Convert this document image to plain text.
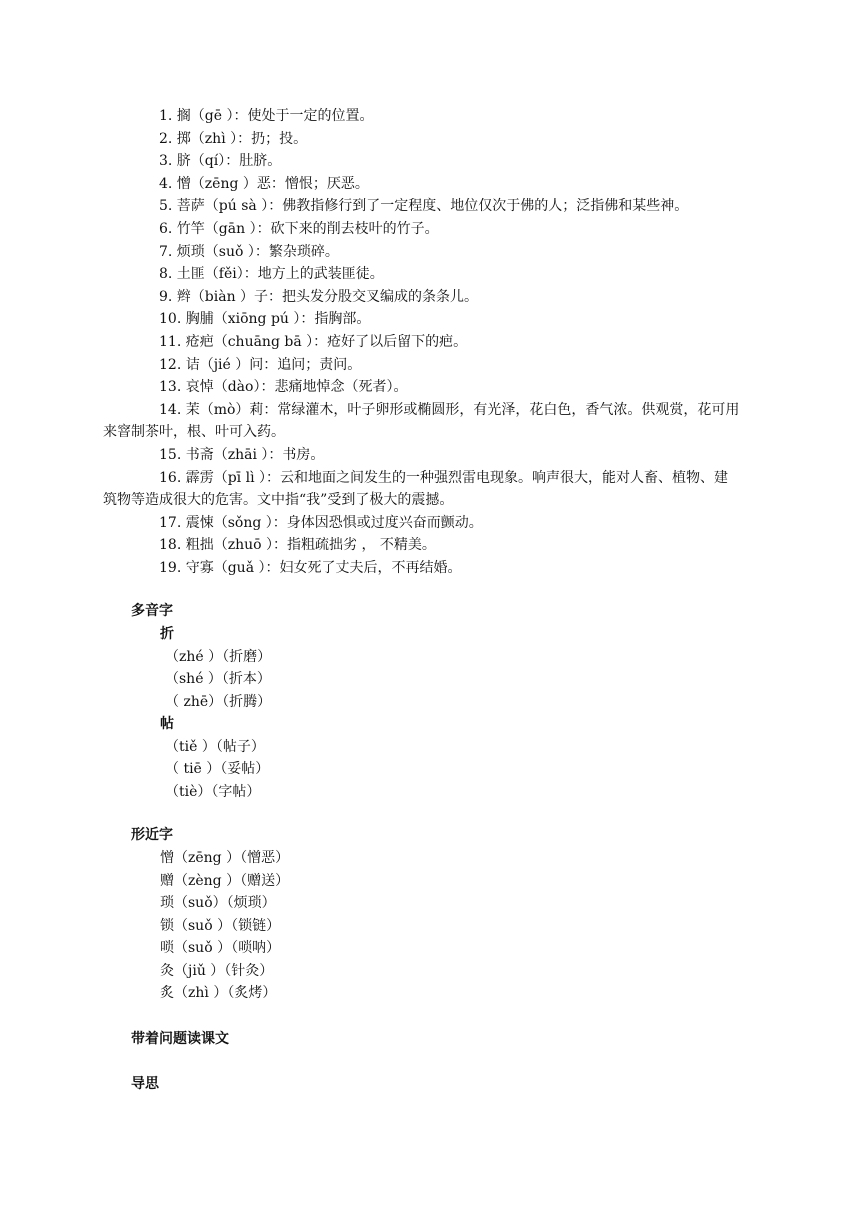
1. 搁（gē ）：使处于一定的位置。
2. 掷（zhì ）：扔；投。
3. 脐（qí）：肚脐。
4. 憎（zēng ）恶：憎恨；厌恶。
5. 菩萨（pú sà ）：佛教指修行到了一定程度、地位仅次于佛的人；泛指佛和某些神。
6. 竹竿（gān ）：砍下来的削去枝叶的竹子。
7. 烦琐（suǒ ）：繁杂琐碎。
8. 土匪（fěi）：地方上的武装匪徒。
9. 辫（biàn ）子：把头发分股交叉编成的条条儿。
10. 胸脯（xiōng pú ）：指胸部。
11. 疮疤（chuāng bā ）：疮好了以后留下的疤。
12. 诘（jié ）问：追问；责问。
13. 哀悼（dào）：悲痛地悼念（死者）。
14. 茉（mò）莉：常绿灌木，叶子卵形或椭圆形，有光泽，花白色，香气浓。供观赏，花可用来窨制茶叶，根、叶可入药。
15. 书斋（zhāi ）：书房。
16. 霹雳（pī lì ）：云和地面之间发生的一种强烈雷电现象。响声很大，能对人畜、植物、建筑物等造成很大的危害。文中指“我”受到了极大的震撼。
17. 震悚（sǒng ）：身体因恐惧或过度兴奋而颤动。
18. 粗拙（zhuō ）：指粗疏拙劣 ， 不精美。
19. 守寡（guǎ ）：妇女死了丈夫后，不再结婚。
多音字
折
（zhé ）（折磨）
（shé ）（折本）
（ zhē）（折腾）
帖
（tiě ）（帖子）
（ tiē ）（妥帖）
（tiè）（字帖）
形近字
憎（zēng ）（憎恶）
赠（zèng ）（赠送）
琐（suǒ）（烦琐）
锁（suǒ ）（锁链）
唢（suǒ ）（唢呐）
灸（jiǔ ）（针灸）
炙（zhì ）（炙烤）
带着问题读课文
导思
